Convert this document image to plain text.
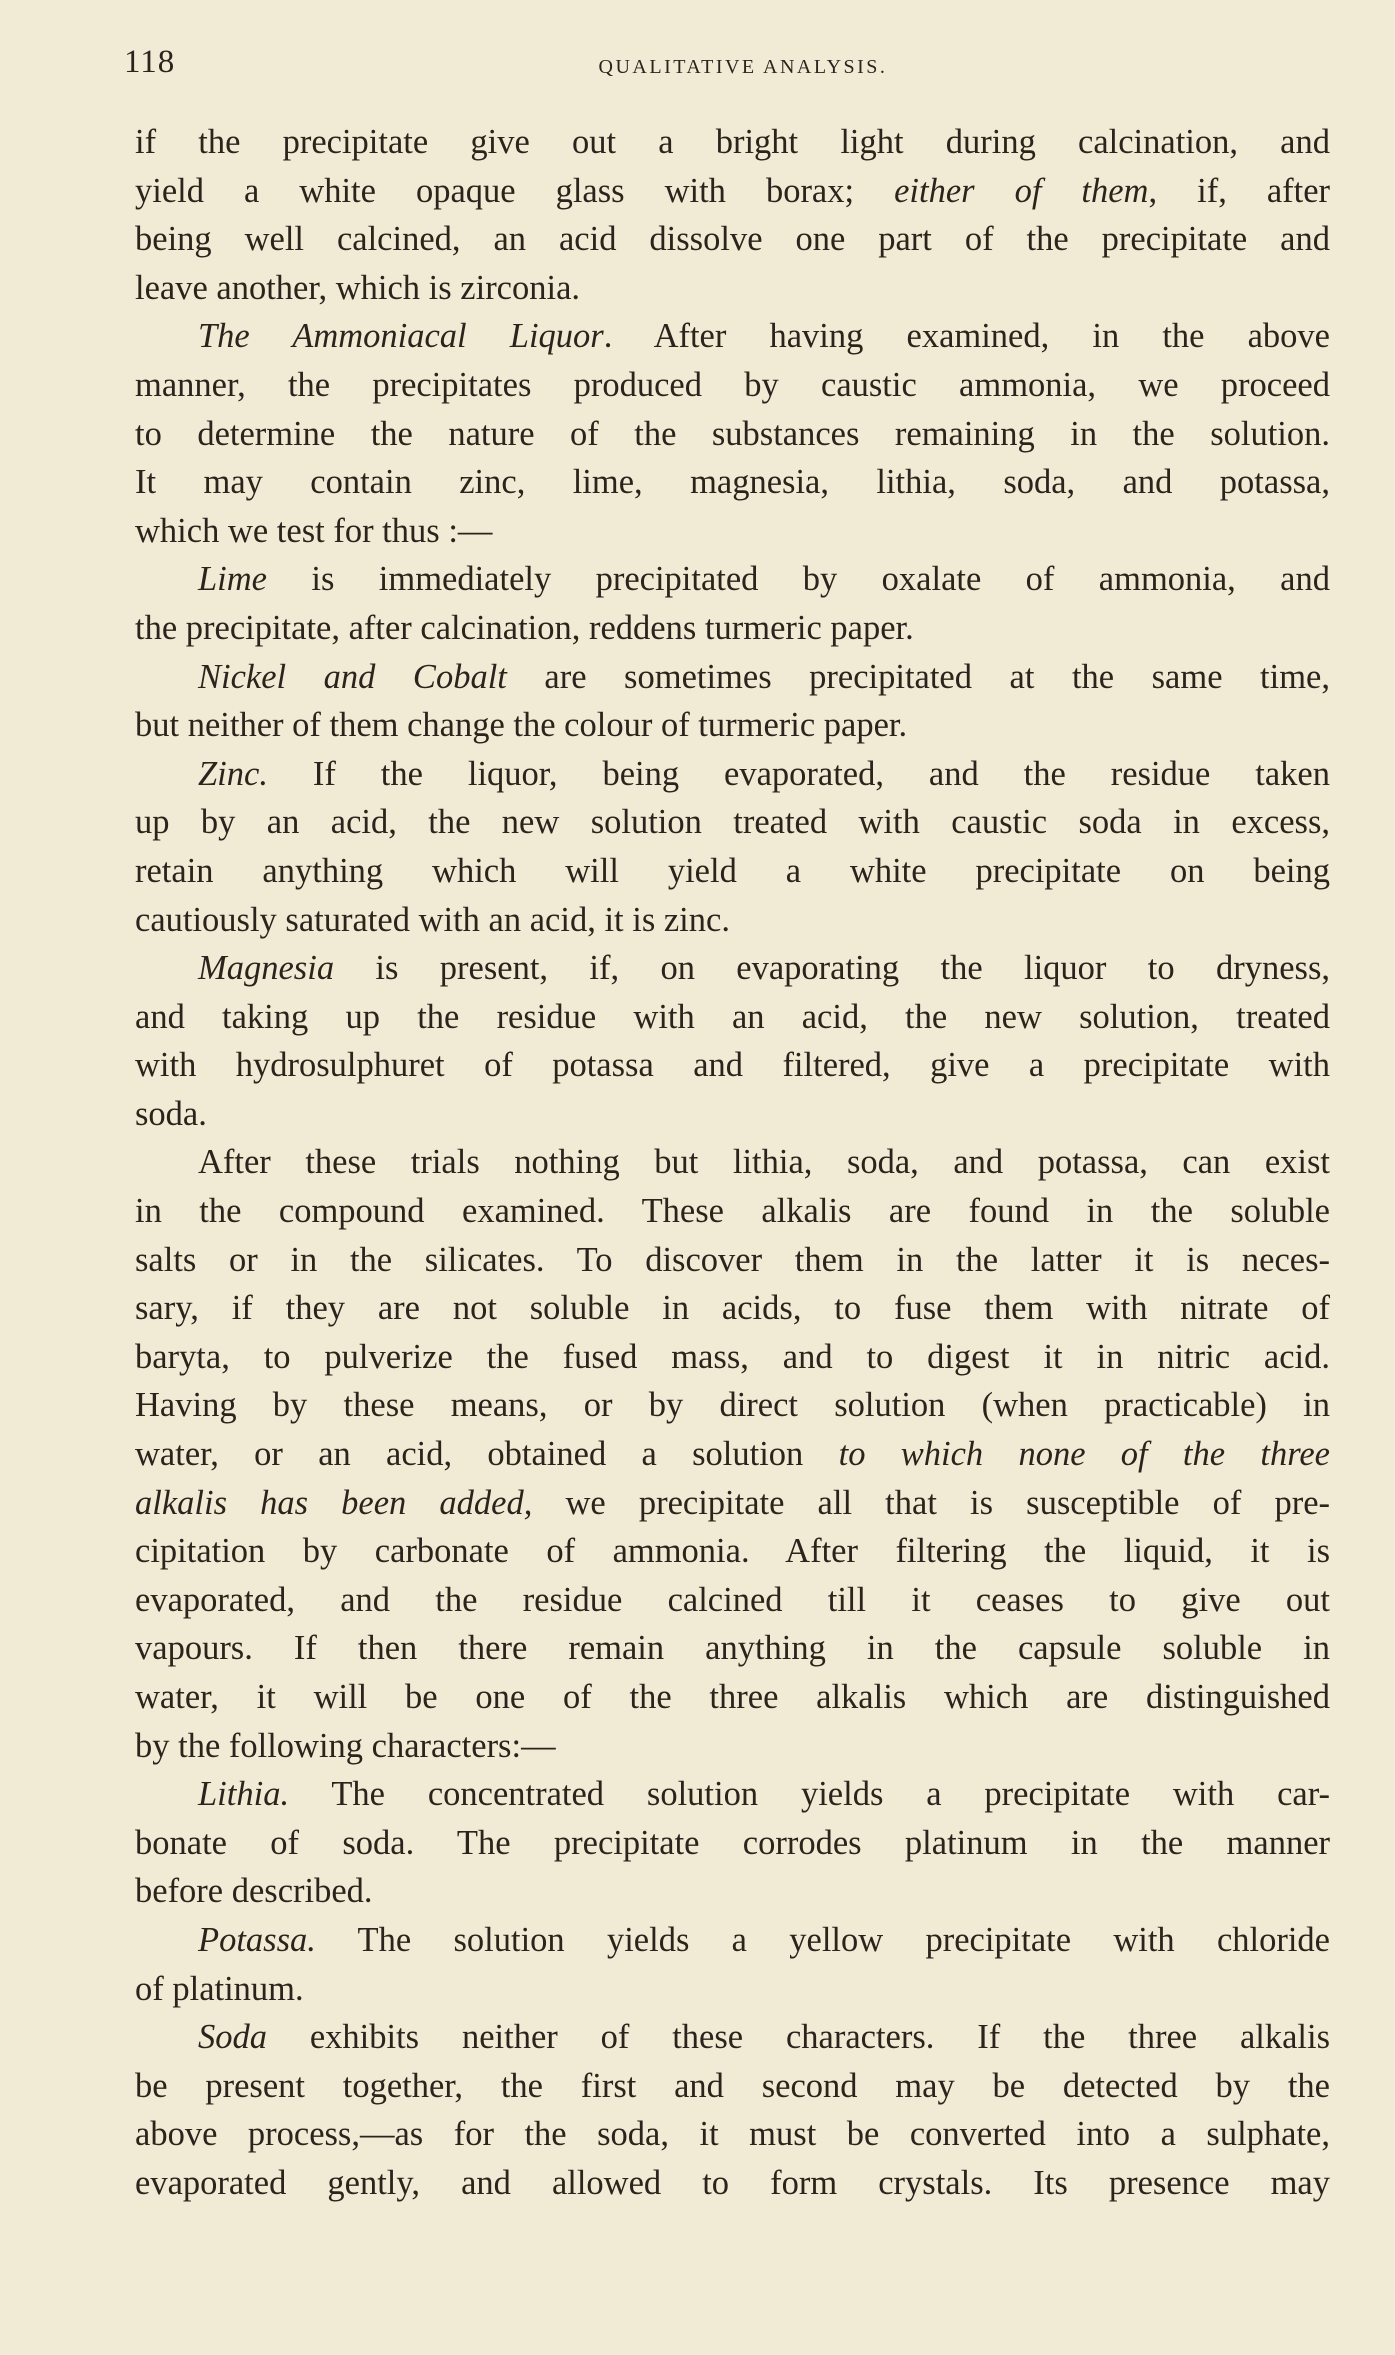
118	QUALITATIVE ANALYSIS.
if the precipitate give out a bright light during calcination, and
yield a white opaque glass with borax; either of them, if, after
being well calcined, an acid dissolve one part of the precipitate and
leave another, which is zirconia.
The Ammoniacal Liquor. After having examined, in the above
manner, the precipitates produced by caustic ammonia, we proceed
to determine the nature of the substances remaining in the solution.
It may contain zinc, lime, magnesia, lithia, soda, and potassa,
which we test for thus :—
Lime is immediately precipitated by oxalate of ammonia, and
the precipitate, after calcination, reddens turmeric paper.
Nickel and Cobalt are sometimes precipitated at the same time,
but neither of them change the colour of turmeric paper.
Zinc. If the liquor, being evaporated, and the residue taken
up by an acid, the new solution treated with caustic soda in excess,
retain anything which will yield a white precipitate on being
cautiously saturated with an acid, it is zinc.
Magnesia is present, if, on evaporating the liquor to dryness,
and taking up the residue with an acid, the new solution, treated
with hydrosulphuret of potassa and filtered, give a precipitate with
soda.
After these trials nothing but lithia, soda, and potassa, can exist
in the compound examined. These alkalis are found in the soluble
salts or in the silicates. To discover them in the latter it is neces-
sary, if they are not soluble in acids, to fuse them with nitrate of
baryta, to pulverize the fused mass, and to digest it in nitric acid.
Having by these means, or by direct solution (when practicable) in
water, or an acid, obtained a solution to which none of the three
alkalis has been added, we precipitate all that is susceptible of pre-
cipitation by carbonate of ammonia. After filtering the liquid, it is
evaporated, and the residue calcined till it ceases to give out
vapours. If then there remain anything in the capsule soluble in
water, it will be one of the three alkalis which are distinguished
by the following characters:—
Lithia. The concentrated solution yields a precipitate with car-
bonate of soda. The precipitate corrodes platinum in the manner
before described.
Potassa. The solution yields a yellow precipitate with chloride
of platinum.
Soda exhibits neither of these characters. If the three alkalis
be present together, the first and second may be detected by the
above process,—as for the soda, it must be converted into a sulphate,
evaporated gently, and allowed to form crystals. Its presence may
